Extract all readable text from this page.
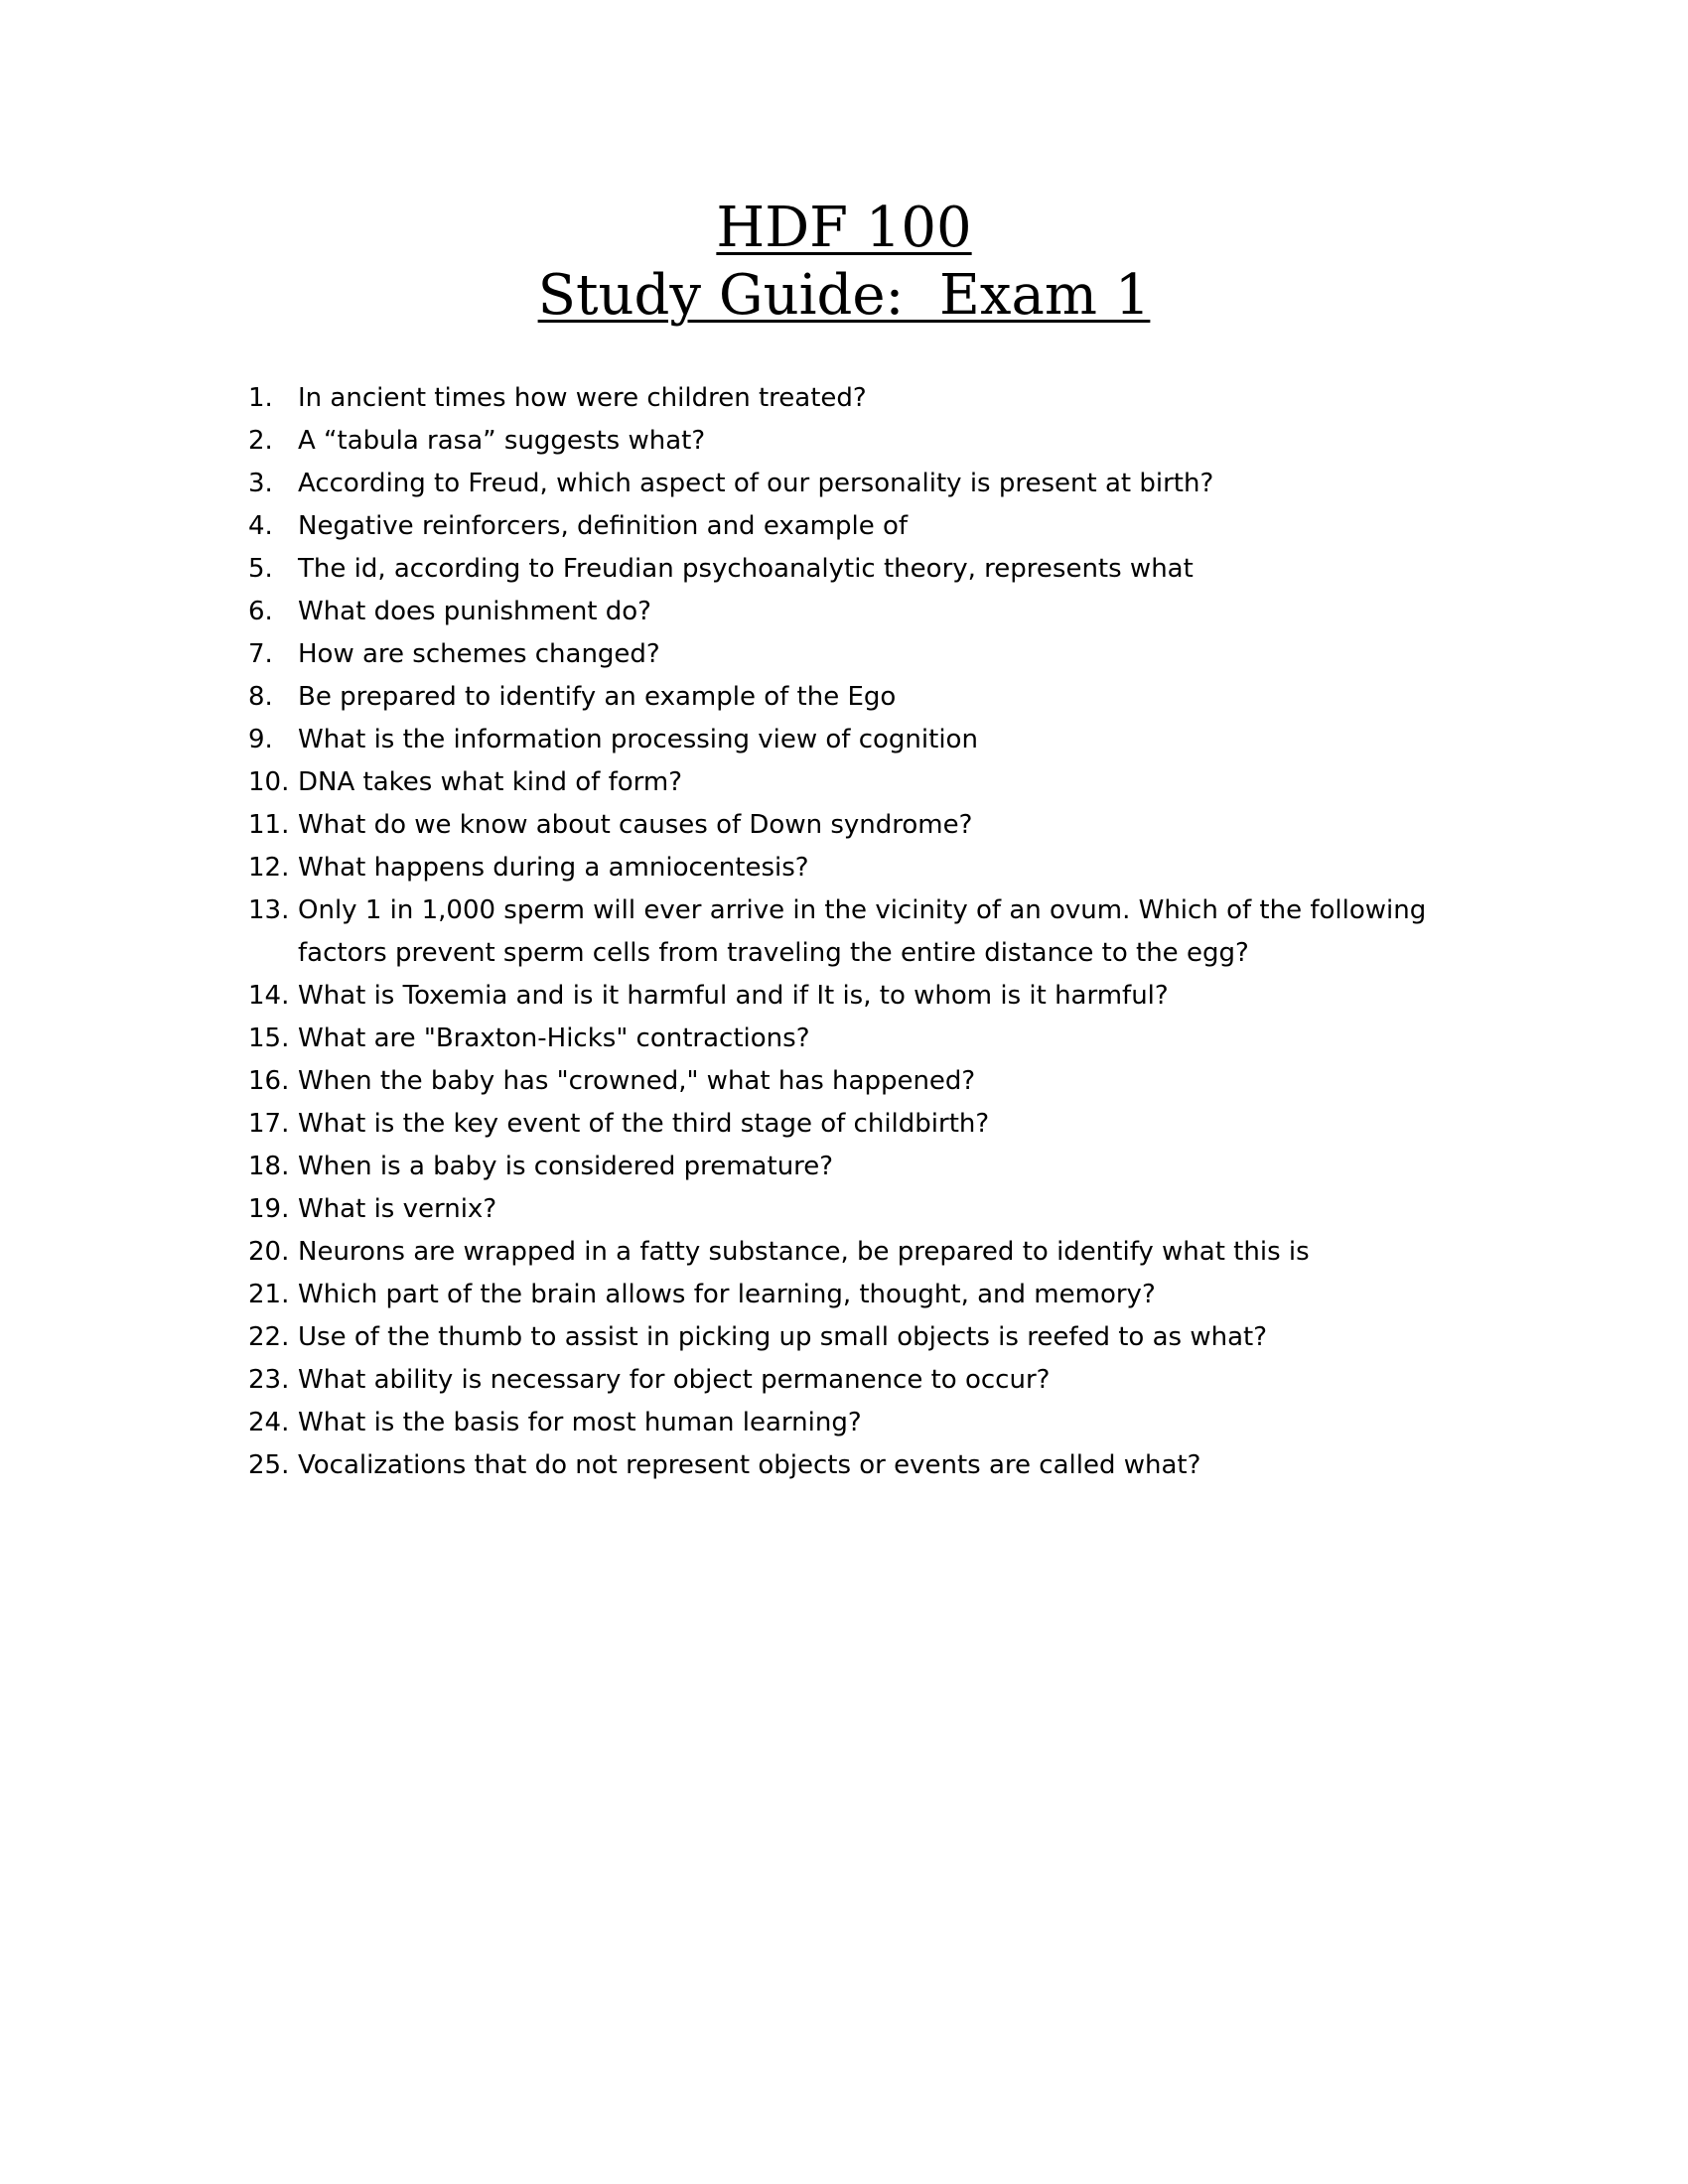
HDF 100
Study Guide:  Exam 1
1. In ancient times how were children treated?
2. A “tabula rasa” suggests what?
3. According to Freud, which aspect of our personality is present at birth?
4. Negative reinforcers, definition and example of
5. The id, according to Freudian psychoanalytic theory, represents what
6. What does punishment do?
7. How are schemes changed?
8. Be prepared to identify an example of the Ego
9. What is the information processing view of cognition
10. DNA takes what kind of form?
11. What do we know about causes of Down syndrome?
12. What happens during a amniocentesis?
13. Only 1 in 1,000 sperm will ever arrive in the vicinity of an ovum. Which of the following factors prevent sperm cells from traveling the entire distance to the egg?
14. What is Toxemia and is it harmful and if It is, to whom is it harmful?
15. What are "Braxton-Hicks" contractions?
16. When the baby has "crowned," what has happened?
17. What is the key event of the third stage of childbirth?
18. When is a baby is considered premature?
19. What is vernix?
20. Neurons are wrapped in a fatty substance, be prepared to identify what this is
21. Which part of the brain allows for learning, thought, and memory?
22. Use of the thumb to assist in picking up small objects is reefed to as what?
23. What ability is necessary for object permanence to occur?
24. What is the basis for most human learning?
25. Vocalizations that do not represent objects or events are called what?
